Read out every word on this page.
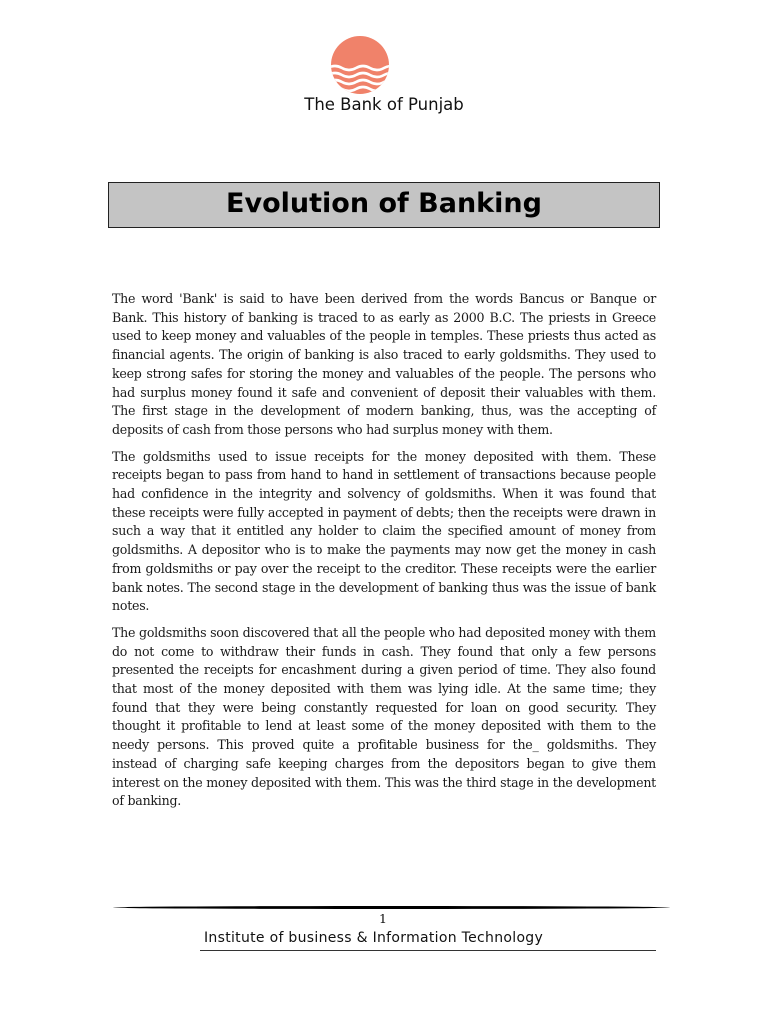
The Bank of Punjab
Evolution of Banking

The word 'Bank' is said to have been derived from the words Bancus or Banque or Bank. This history of banking is traced to as early as 2000 B.C. The priests in Greece used to keep money and valuables of the people in temples. These priests thus acted as financial agents. The origin of banking is also traced to early goldsmiths. They used to keep strong safes for storing the money and valuables of the people. The persons who had surplus money found it safe and convenient of deposit their valuables with them. The first stage in the development of modern banking, thus, was the accepting of deposits of cash from those persons who had surplus money with them.

The goldsmiths used to issue receipts for the money deposited with them. These receipts began to pass from hand to hand in settlement of transactions because people had confidence in the integrity and solvency of goldsmiths. When it was found that these receipts were fully accepted in payment of debts; then the receipts were drawn in such a way that it entitled any holder to claim the specified amount of money from goldsmiths. A depositor who is to make the payments may now get the money in cash from goldsmiths or pay over the receipt to the creditor. These receipts were the earlier bank notes. The second stage in the development of banking thus was the issue of bank notes.

The goldsmiths soon discovered that all the people who had deposited money with them do not come to withdraw their funds in cash. They found that only a few persons presented the receipts for encashment during a given period of time. They also found that most of the money deposited with them was lying idle. At the same time; they found that they were being constantly requested for loan on good security. They thought it profitable to lend at least some of the money deposited with them to the needy persons. This proved quite a profitable business for the_ goldsmiths. They instead of charging safe keeping charges from the depositors began to give them interest on the money deposited with them. This was the third stage in the development of banking.

1
Institute of business & Information Technology
